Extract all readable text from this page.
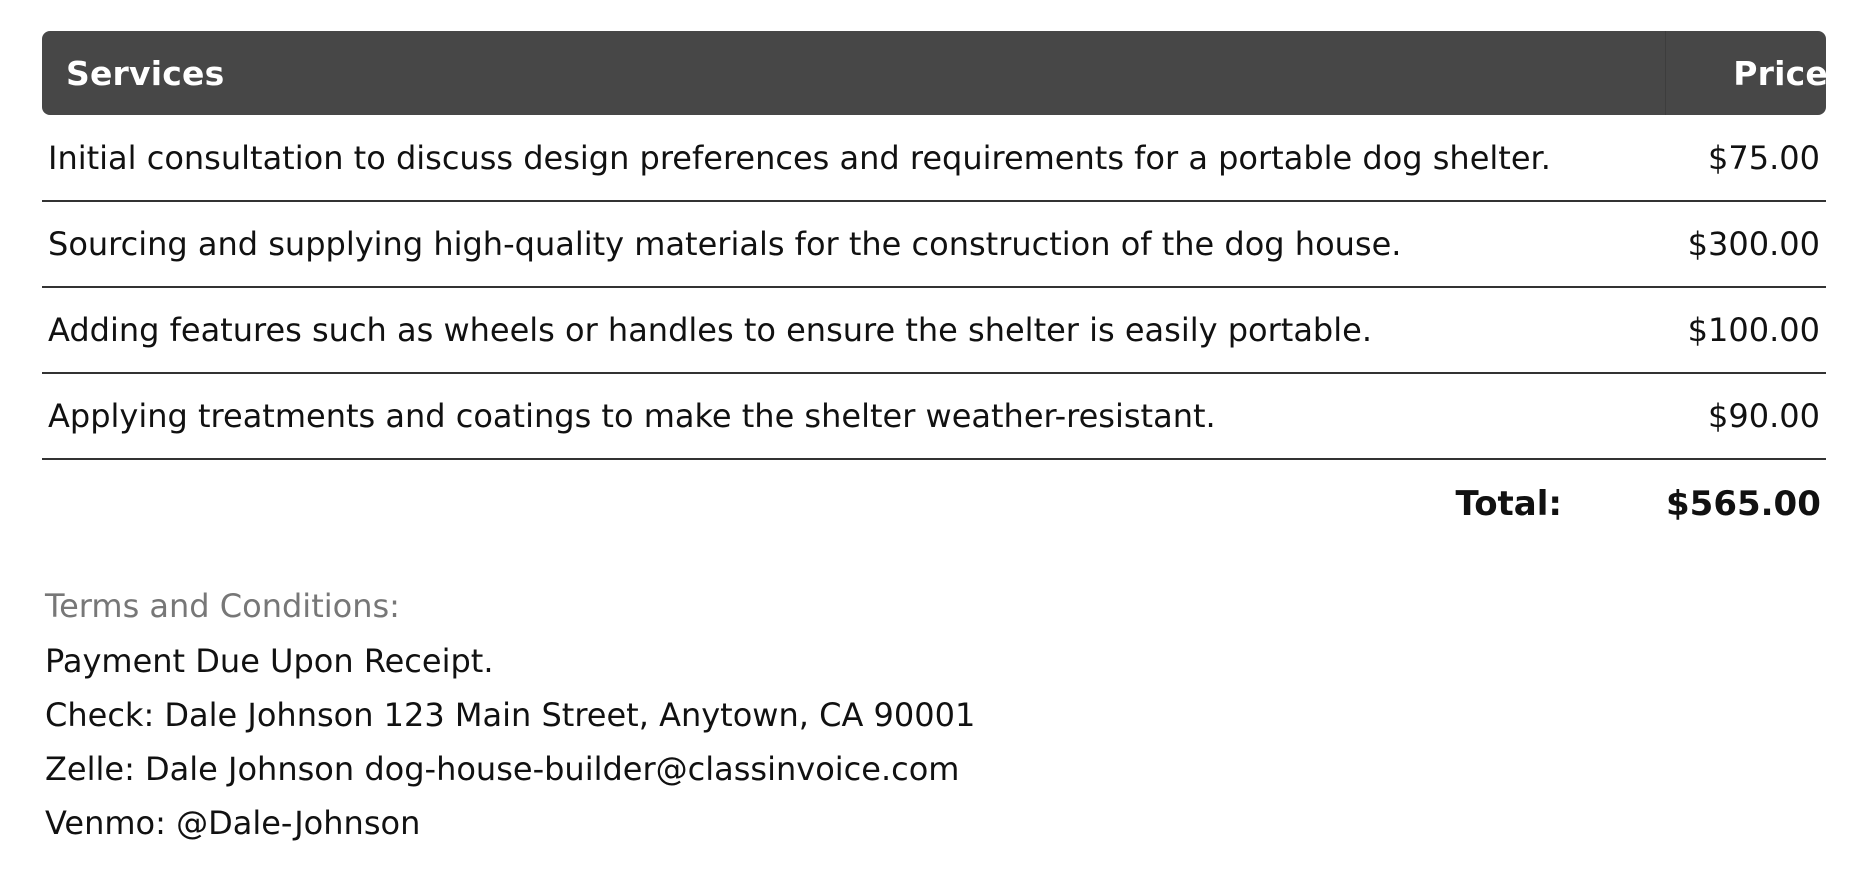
Services	Price
Initial consultation to discuss design preferences and requirements for a portable dog shelter.	$75.00
Sourcing and supplying high-quality materials for the construction of the dog house.	$300.00
Adding features such as wheels or handles to ensure the shelter is easily portable.	$100.00
Applying treatments and coatings to make the shelter weather-resistant.	$90.00
Total:	$565.00
Terms and Conditions:
Payment Due Upon Receipt.
Check: Dale Johnson 123 Main Street, Anytown, CA 90001
Zelle: Dale Johnson dog-house-builder@classinvoice.com
Venmo: @Dale-Johnson
